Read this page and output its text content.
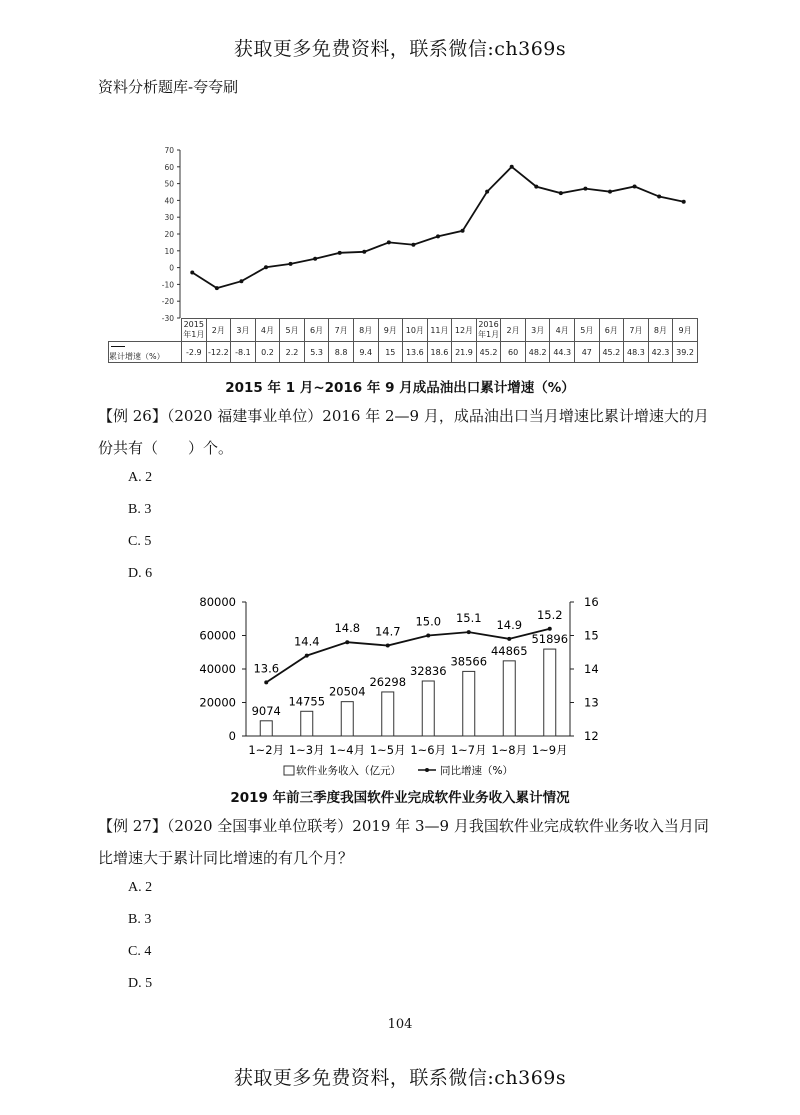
获取更多免费资料，联系微信:ch369s
资料分析题库-夸夸刷
70
60
50
40
30
20
10
0
-10
-20
-30
	2015年1月	2月	3月	4月	5月	6月	7月	8月	9月	10月	11月	12月	2016年1月	2月	3月	4月	5月	6月	7月	8月	9月
累计增速（%）	-2.9	-12.2	-8.1	0.2	2.2	5.3	8.8	9.4	15	13.6	18.6	21.9	45.2	60	48.2	44.3	47	45.2	48.3	42.3	39.2
2015 年 1 月~2016 年 9 月成品油出口累计增速（%）
【例 26】（2020 福建事业单位）2016 年 2—9 月，成品油出口当月增速比累计增速大的月份共有（　　）个。
A. 2
B. 3
C. 5
D. 6
80000
60000
40000
20000
0
16
15
14
13
12
9074
1~2月
14755
1~3月
20504
1~4月
26298
1~5月
32836
1~6月
38566
1~7月
44865
1~8月
51896
1~9月
13.6
14.4
14.8 14.7
15.0 15.1 14.9
15.2
软件业务收入（亿元）	同比增速（%）
2019 年前三季度我国软件业完成软件业务收入累计情况
【例 27】（2020 全国事业单位联考）2019 年 3—9 月我国软件业完成软件业务收入当月同比增速大于累计同比增速的有几个月？
A. 2
B. 3
C. 4
D. 5
104
获取更多免费资料，联系微信:ch369s
